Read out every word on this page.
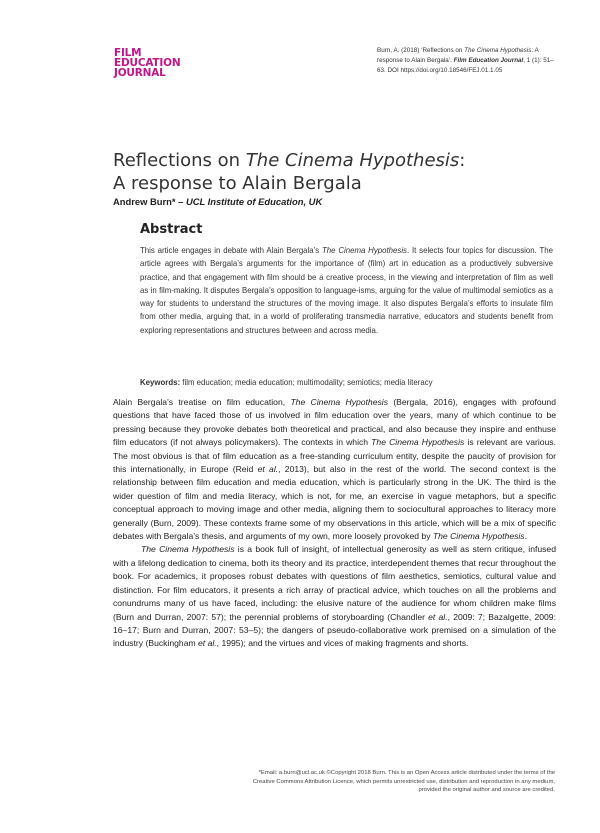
FILM
EDUCATION
JOURNAL
Burn, A. (2018) ‘Reflections on The Cinema Hypothesis: A response to Alain Bergala’. Film Education Journal, 1 (1): 51–63. DOI https://doi.org/10.18546/FEJ.01.1.05
Reflections on The Cinema Hypothesis:
A response to Alain Bergala
Andrew Burn* – UCL Institute of Education, UK
Abstract
This article engages in debate with Alain Bergala’s The Cinema Hypothesis. It selects four topics for discussion. The article agrees with Bergala’s arguments for the importance of (film) art in education as a productively subversive practice, and that engagement with film should be a creative process, in the viewing and interpretation of film as well as in film-making. It disputes Bergala’s opposition to language-isms, arguing for the value of multimodal semiotics as a way for students to understand the structures of the moving image. It also disputes Bergala’s efforts to insulate film from other media, arguing that, in a world of proliferating transmedia narrative, educators and students benefit from exploring representations and structures between and across media.
Keywords: film education; media education; multimodality; semiotics; media literacy

Alain Bergala’s treatise on film education, The Cinema Hypothesis (Bergala, 2016), engages with profound questions that have faced those of us involved in film education over the years, many of which continue to be pressing because they provoke debates both theoretical and practical, and also because they inspire and enthuse film educators (if not always policymakers). The contexts in which The Cinema Hypothesis is relevant are various. The most obvious is that of film education as a free-standing curriculum entity, despite the paucity of provision for this internationally, in Europe (Reid et al., 2013), but also in the rest of the world. The second context is the relationship between film education and media education, which is particularly strong in the UK. The third is the wider question of film and media literacy, which is not, for me, an exercise in vague metaphors, but a specific conceptual approach to moving image and other media, aligning them to sociocultural approaches to literacy more generally (Burn, 2009). These contexts frame some of my observations in this article, which will be a mix of specific debates with Bergala’s thesis, and arguments of my own, more loosely provoked by The Cinema Hypothesis.

The Cinema Hypothesis is a book full of insight, of intellectual generosity as well as stern critique, infused with a lifelong dedication to cinema, both its theory and its practice, interdependent themes that recur throughout the book. For academics, it proposes robust debates with questions of film aesthetics, semiotics, cultural value and distinction. For film educators, it presents a rich array of practical advice, which touches on all the problems and conundrums many of us have faced, including: the elusive nature of the audience for whom children make films (Burn and Durran, 2007: 57); the perennial problems of storyboarding (Chandler et al., 2009: 7; Bazalgette, 2009: 16–17; Burn and Durran, 2007: 53–5); the dangers of pseudo-collaborative work premised on a simulation of the industry (Buckingham et al., 1995); and the virtues and vices of making fragments and shorts.

*Email: a.burn@ucl.ac.uk ©Copyright 2018 Burn. This is an Open Access article distributed under the terms of the Creative Commons Attribution Licence, which permits unrestricted use, distribution and reproduction in any medium, provided the original author and source are credited.
